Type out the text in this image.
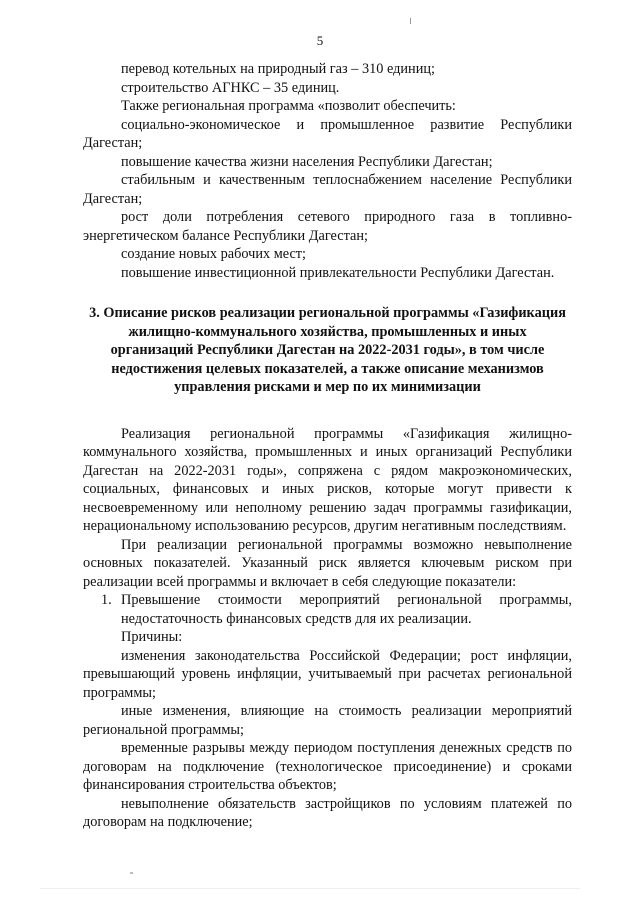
5

перевод котельных на природный газ – 310 единиц;

строительство АГНКС – 35 единиц.

Также региональная программа «позволит обеспечить:

социально-экономическое и промышленное развитие Республики Дагестан;

повышение качества жизни населения Республики Дагестан;

стабильным и качественным теплоснабжением население Республики Дагестан;

рост доли потребления сетевого природного газа в топливно-энергетическом балансе Республики Дагестан;

создание новых рабочих мест;

повышение инвестиционной привлекательности Республики Дагестан.

3. Описание рисков реализации региональной программы «Газификация жилищно-коммунального хозяйства, промышленных и иных организаций Республики Дагестан на 2022-2031 годы», в том числе недостижения целевых показателей, а также описание механизмов управления рисками и мер по их минимизации

Реализация региональной программы «Газификация жилищно-коммунального хозяйства, промышленных и иных организаций Республики Дагестан на 2022-2031 годы», сопряжена с рядом макроэкономических, социальных, финансовых и иных рисков, которые могут привести к несвоевременному или неполному решению задач программы газификации, нерациональному использованию ресурсов, другим негативным последствиям.

При реализации региональной программы возможно невыполнение основных показателей. Указанный риск является ключевым риском при реализации всей программы и включает в себя следующие показатели:

1. Превышение стоимости мероприятий региональной программы, недостаточность финансовых средств для их реализации.

Причины:

изменения законодательства Российской Федерации; рост инфляции, превышающий уровень инфляции, учитываемый при расчетах региональной программы;

иные изменения, влияющие на стоимость реализации мероприятий региональной программы;

временные разрывы между периодом поступления денежных средств по договорам на подключение (технологическое присоединение) и сроками финансирования строительства объектов;

невыполнение обязательств застройщиков по условиям платежей по договорам на подключение;
